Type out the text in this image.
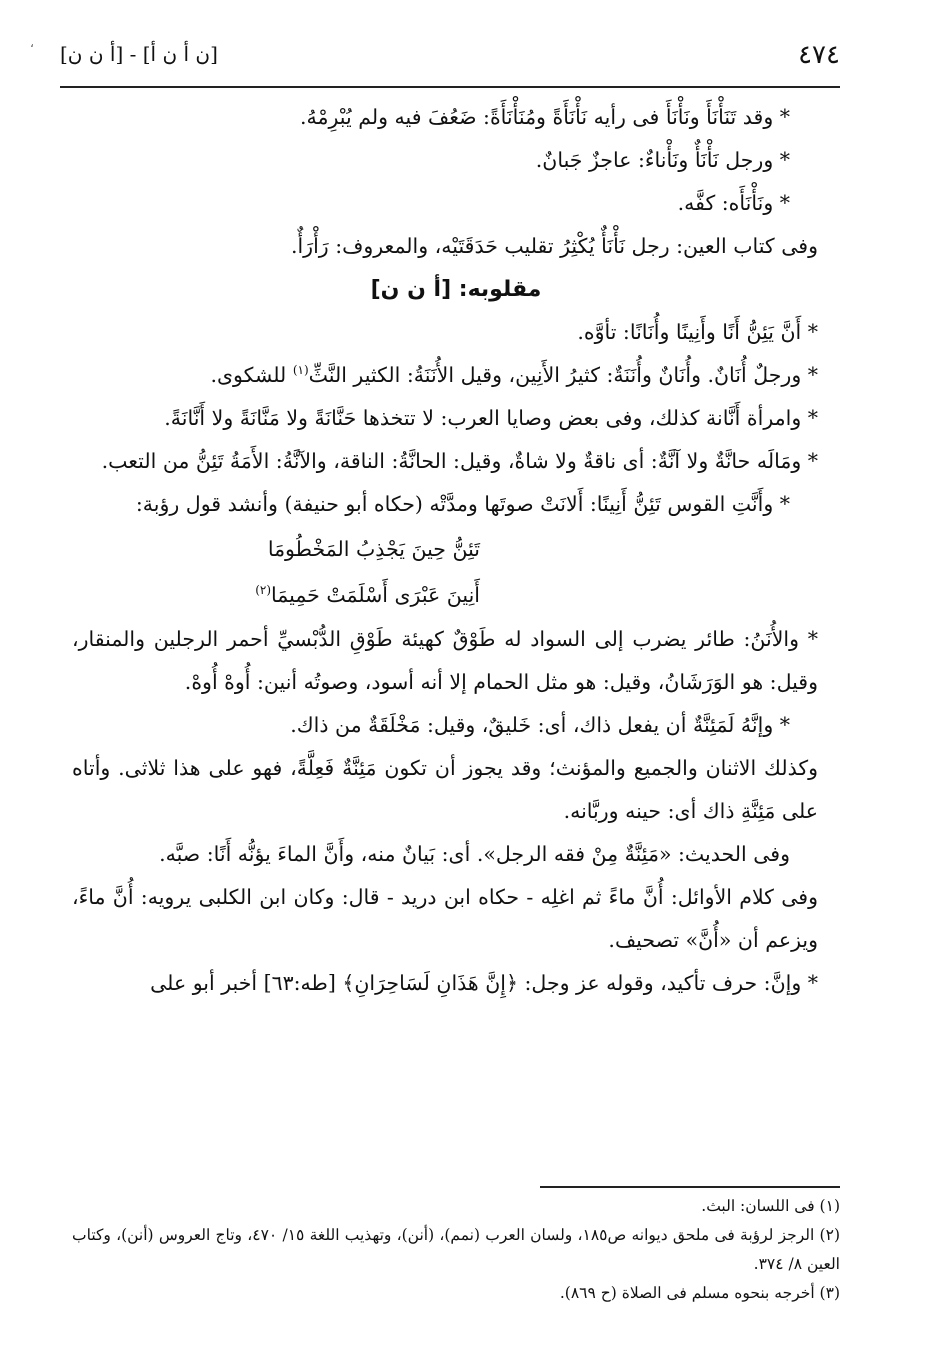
،	٤٧٤
[ن أ ن أ] - [أ ن ن]

* وقد تَنَأْنَأَ ونَأْنَأَ فى رأيه نَأْنَأَةً ومُنَأْنَأَةً: ضَعُفَ فيه ولم يُبْرِمْهُ.

* ورجل نَأْنَأٌ ونَأْناءٌ: عاجزٌ جَبانٌ.

* ونَأْنَأَه: كفَّه.

وفى كتاب العين: رجل نَأْنَأٌ يُكْثِرُ تقليب حَدَقَتَيْه، والمعروف: رَأْرَأٌ.

مقلوبه: [أ ن ن]

* أَنَّ يَئِنُّ أَنًا وأَنِينًا وأُنَانًا: تأوَّه.

* ورجلٌ أُنَانٌ. وأُنَانٌ وأُنَنَةٌ: كثيرُ الأَنِين، وقيل الأُنَنَةُ: الكثير النَّثِّ$^{(١)}$ للشكوى.

* وامرأة أَنَّانة كذلك، وفى بعض وصايا العرب: لا تتخذها حَنَّانَةً ولا مَنَّانَةً ولا أَنَّانَةً.

* ومَالَه حانَّةٌ ولا آنَّةٌ: أى ناقةٌ ولا شاةٌ، وقيل: الحانَّةُ: الناقة، والآنَّةُ: الأَمَةُ تَئِنُّ من التعب.

* وأَنَّتِ القوس تَئِنُّ أَنِينًا: أَلانَتْ صوتَها ومدَّتْه (حكاه أبو حنيفة) وأنشد قول رؤبة:

تَئِنُّ حِينَ يَجْذِبُ المَخْطُومَا

أَنِينَ عَبْرَى أَسْلَمَتْ حَمِيمَا$^{(٢)}$

* والأُنَنُ: طائر يضرب إلى السواد له طَوْقٌ كهيئة طَوْقِ الدُّبْسيِّ أحمر الرجلين والمنقار، وقيل: هو الوَرَشَانُ، وقيل: هو مثل الحمام إلا أنه أسود، وصوتُه أنين: أُوهْ أُوهْ.

* وإنَّهُ لَمَئِنَّةٌ أن يفعل ذاك، أى: خَليقٌ، وقيل: مَخْلَقَةٌ من ذاك.

وكذلك الاثنان والجميع والمؤنث؛ وقد يجوز أن تكون مَئِنَّةٌ فَعِلَّةً، فهو على هذا ثلاثى. وأتاه على مَئِنَّةِ ذاك أى: حينه وربَّانه.

وفى الحديث: «مَئِنَّةٌ مِنْ فقه الرجل». أى: بَيانٌ منه، وأَنَّ الماءَ يؤنُّه أَنًا: صبَّه.

وفى كلام الأوائل: أُنَّ ماءً ثم اغلِه - حكاه ابن دريد - قال: وكان ابن الكلبى يرويه: أُنَّ ماءً، ويزعم أن «أُنَّ» تصحيف.

* وإنَّ: حرف تأكيد، وقوله عز وجل: ﴿إِنَّ هَذَانِ لَسَاحِرَانِ﴾ [طه:٦٣] أخبر أبو على

(١) فى اللسان: البث.

(٢) الرجز لرؤبة فى ملحق ديوانه ص١٨٥، ولسان العرب (نمم)، (أنن)، وتهذيب اللغة ١٥/ ٤٧٠، وتاج العروس (أنن)، وكتاب العين ٨/ ٣٧٤.

(٣) أخرجه بنحوه مسلم فى الصلاة (ح ٨٦٩).
